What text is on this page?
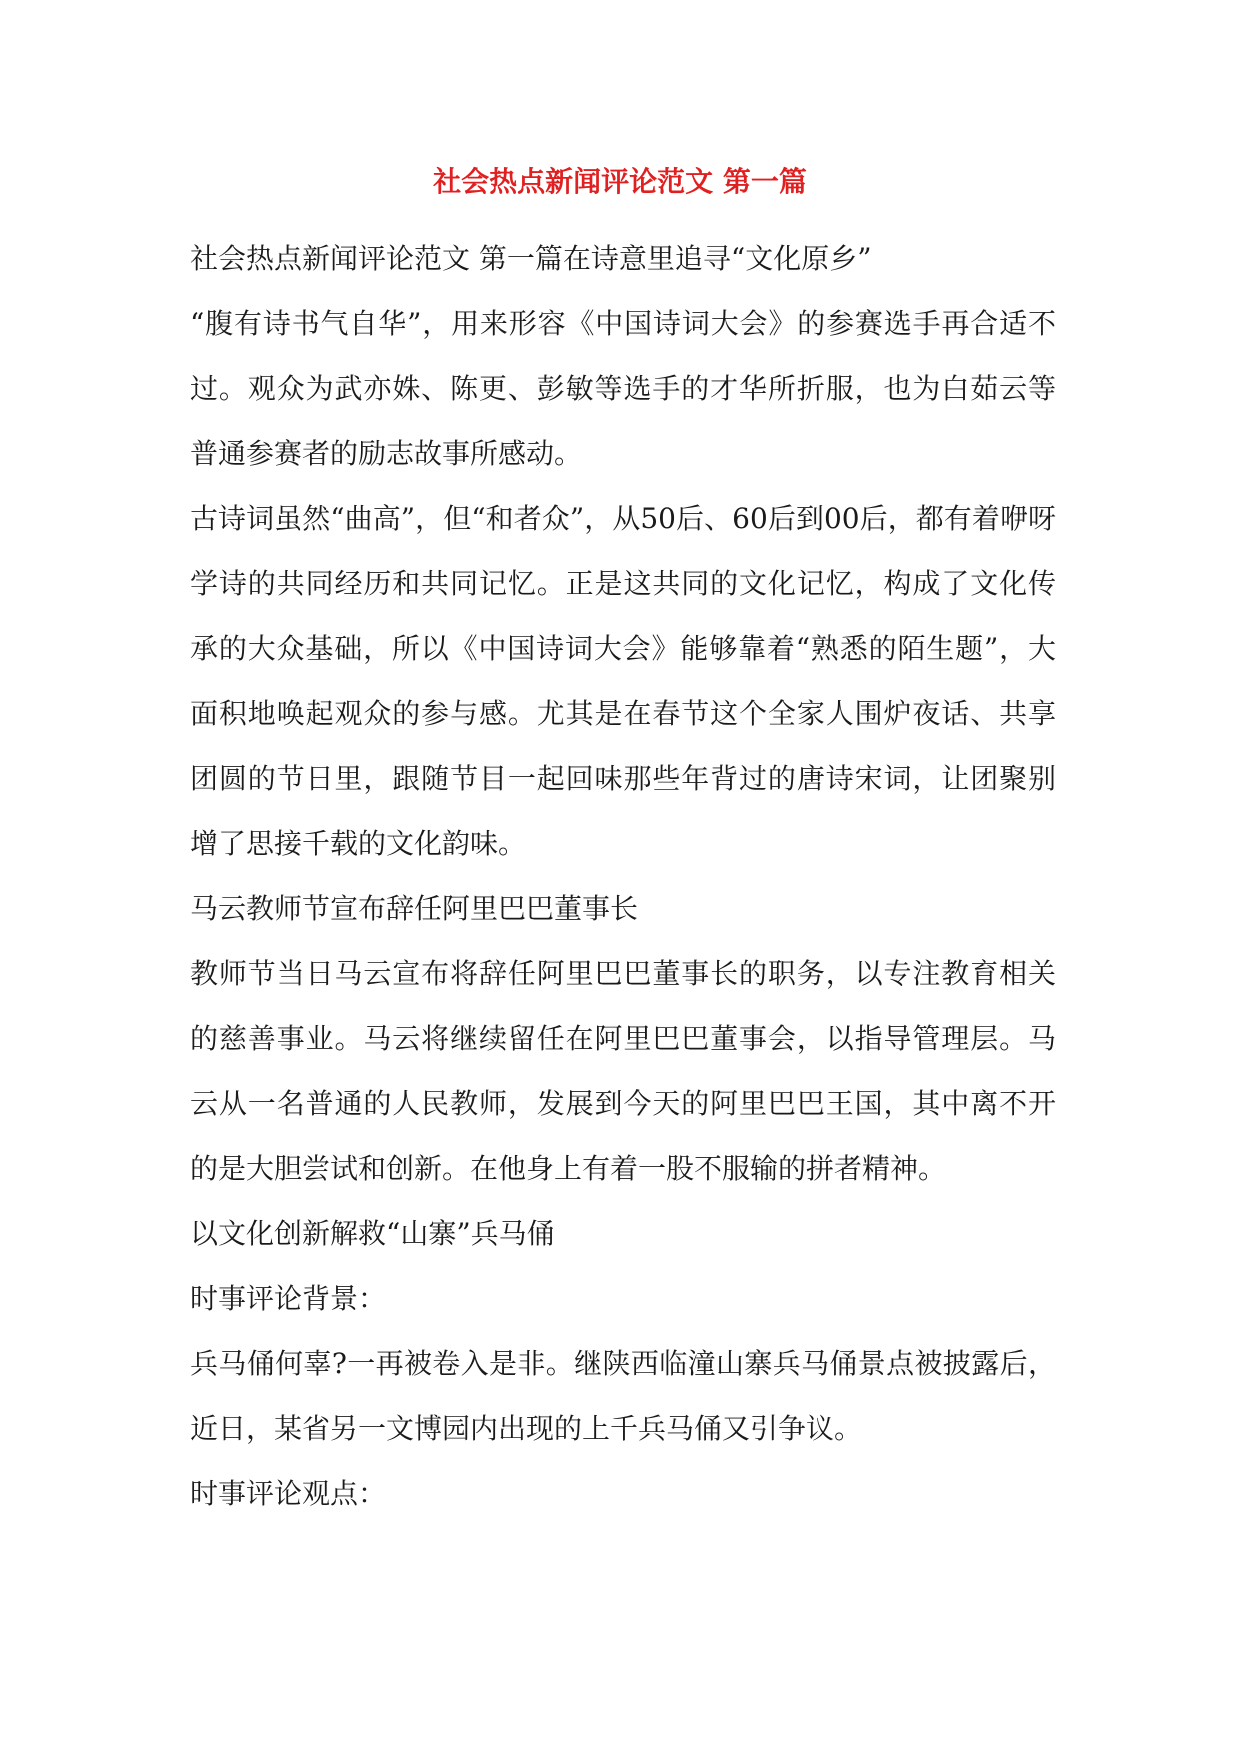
社会热点新闻评论范文 第一篇

社会热点新闻评论范文 第一篇在诗意里追寻“文化原乡”

“腹有诗书气自华”，用来形容《中国诗词大会》的参赛选手再合适不过。观众为武亦姝、陈更、彭敏等选手的才华所折服，也为白茹云等普通参赛者的励志故事所感动。

古诗词虽然“曲高”，但“和者众”，从50后、60后到00后，都有着咿呀学诗的共同经历和共同记忆。正是这共同的文化记忆，构成了文化传承的大众基础，所以《中国诗词大会》能够靠着“熟悉的陌生题”，大面积地唤起观众的参与感。尤其是在春节这个全家人围炉夜话、共享团圆的节日里，跟随节目一起回味那些年背过的唐诗宋词，让团聚别增了思接千载的文化韵味。

马云教师节宣布辞任阿里巴巴董事长

教师节当日马云宣布将辞任阿里巴巴董事长的职务，以专注教育相关的慈善事业。马云将继续留任在阿里巴巴董事会，以指导管理层。马云从一名普通的人民教师，发展到今天的阿里巴巴王国，其中离不开的是大胆尝试和创新。在他身上有着一股不服输的拼者精神。

以文化创新解救“山寨”兵马俑

时事评论背景：

兵马俑何辜?一再被卷入是非。继陕西临潼山寨兵马俑景点被披露后，近日，某省另一文博园内出现的上千兵马俑又引争议。

时事评论观点：
